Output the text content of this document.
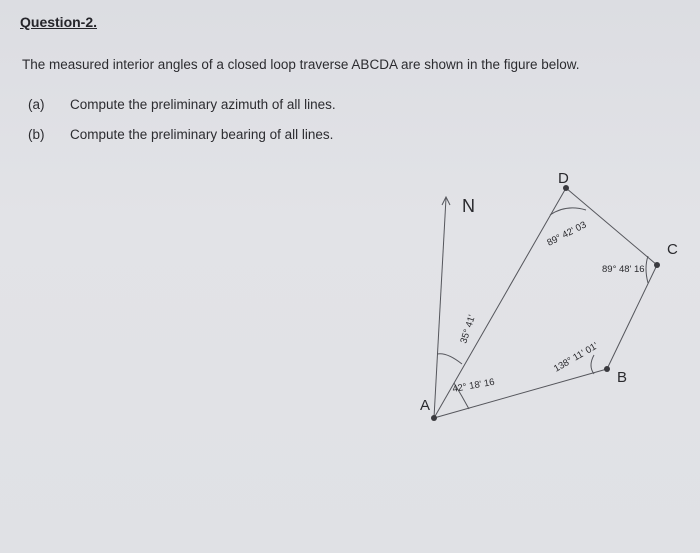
Question-2.
The measured interior angles of a closed loop traverse ABCDA are shown in the figure below.
(a) Compute the preliminary azimuth of all lines.
(b) Compute the preliminary bearing of all lines.
N
A
D
C
B
35° 41'
42° 18' 16
89° 42' 03
89° 48' 16
138° 11' 01'
